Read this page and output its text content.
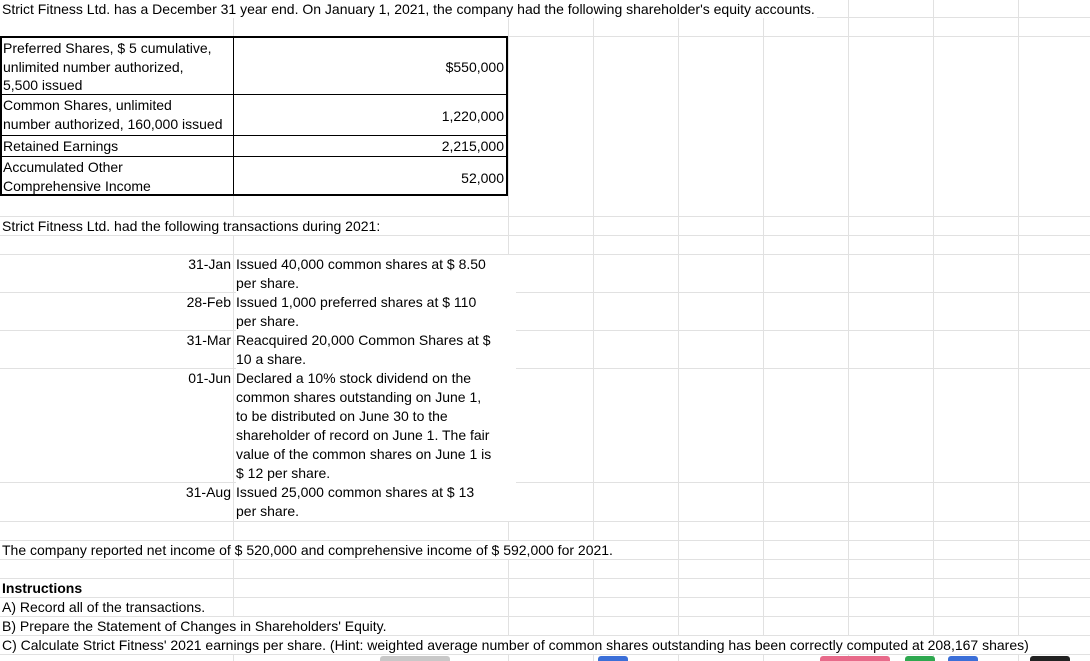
Strict Fitness Ltd. has a December 31 year end. On January 1, 2021, the company had the following shareholder's equity accounts.
Preferred Shares, $ 5 cumulative,
unlimited number authorized,
5,500 issued
$550,000
Common Shares, unlimited
number authorized, 160,000 issued	1,220,000
Retained Earnings	2,215,000
Accumulated Other
Comprehensive Income	52,000
Strict Fitness Ltd. had the following transactions during 2021:
31-Jan Issued 40,000 common shares at $ 8.50
per share.
28-Feb Issued 1,000 preferred shares at $ 110
per share.
31-Mar Reacquired 20,000 Common Shares at $
10 a share.
01-Jun Declared a 10% stock dividend on the
common shares outstanding on June 1,
to be distributed on June 30 to the
shareholder of record on June 1. The fair
value of the common shares on June 1 is
$ 12 per share.
31-Aug Issued 25,000 common shares at $ 13
per share.
The company reported net income of $ 520,000 and comprehensive income of $ 592,000 for 2021.
Instructions
A) Record all of the transactions.
B) Prepare the Statement of Changes in Shareholders' Equity.
C) Calculate Strict Fitness' 2021 earnings per share. (Hint: weighted average number of common shares outstanding has been correctly computed at 208,167 shares)
